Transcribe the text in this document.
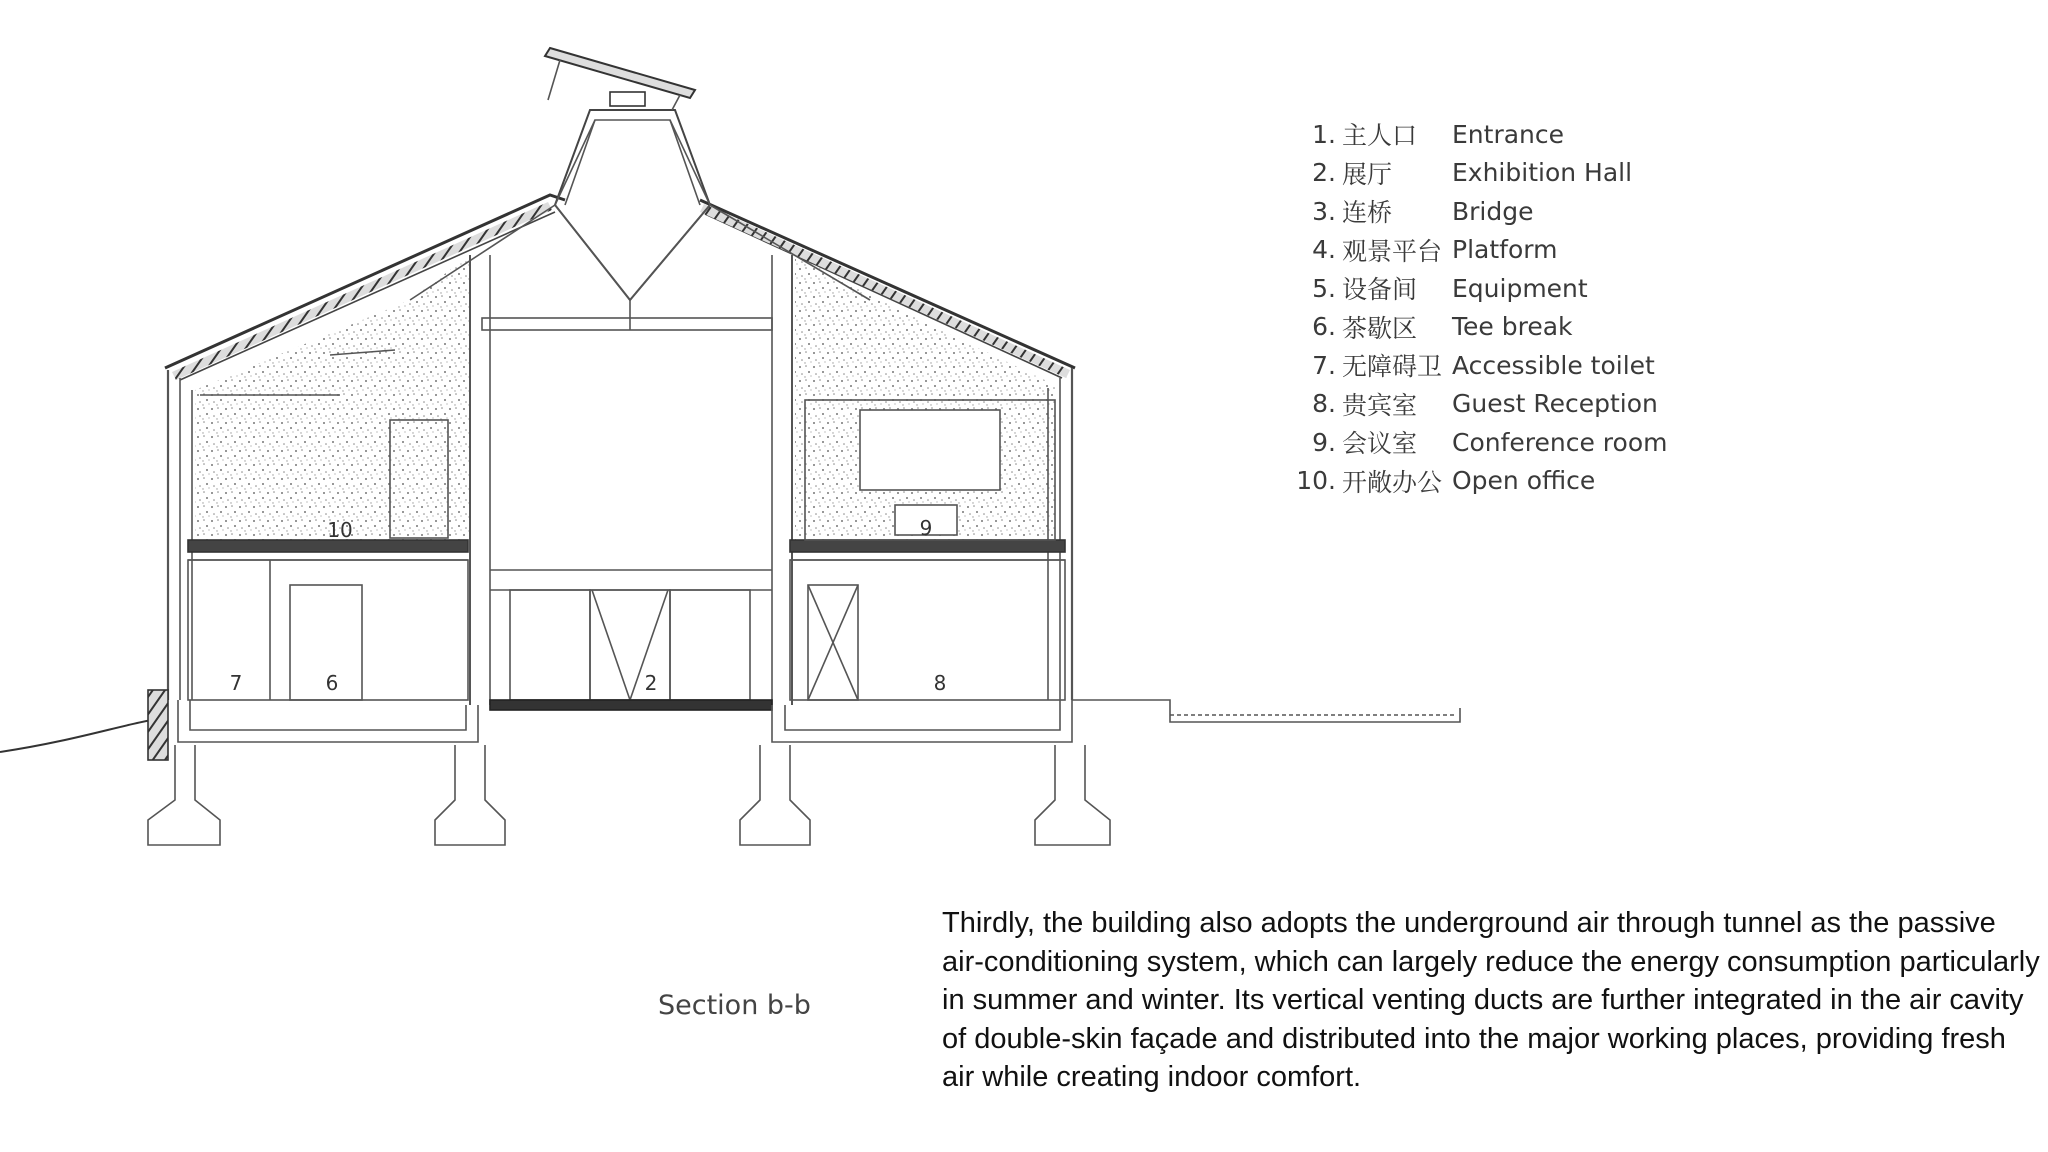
10	9
7	6	2	8
1. 主人口	Entrance
2. 展厅	Exhibition Hall
3. 连桥	Bridge
4. 观景平台 Platform
5. 设备间	Equipment
6. 茶歇区	Tee break
7. 无障碍卫 Accessible toilet
8. 贵宾室	Guest Reception
9. 会议室	Conference room
10. 开敞办公 Open office
Section b-b

Thirdly, the building also adopts the underground air through tunnel as the passive air-conditioning system, which can largely reduce the energy consumption particularly in summer and winter. Its vertical venting ducts are further integrated in the air cavity of double-skin façade and distributed into the major working places, providing fresh air while creating indoor comfort.
